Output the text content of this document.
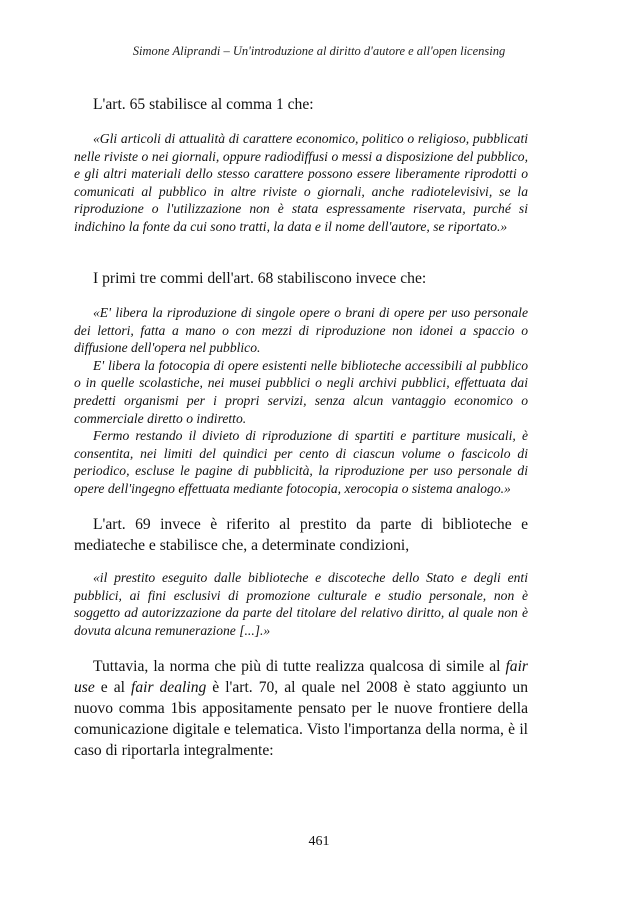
Simone Aliprandi – Un'introduzione al diritto d'autore e all'open licensing

L'art. 65 stabilisce al comma 1 che:

«Gli articoli di attualità di carattere economico, politico o religioso, pubblicati nelle riviste o nei giornali, oppure radiodiffusi o messi a disposizione del pubblico, e gli altri materiali dello stesso carattere possono essere liberamente riprodotti o comunicati al pubblico in altre riviste o giornali, anche radiotelevisivi, se la riproduzione o l'utilizzazione non è stata espressamente riservata, purché si indichino la fonte da cui sono tratti, la data e il nome dell'autore, se riportato.»

I primi tre commi dell'art. 68 stabiliscono invece che:

«E' libera la riproduzione di singole opere o brani di opere per uso personale dei lettori, fatta a mano o con mezzi di riproduzione non idonei a spaccio o diffusione dell'opera nel pubblico.

E' libera la fotocopia di opere esistenti nelle biblioteche accessibili al pubblico o in quelle scolastiche, nei musei pubblici o negli archivi pubblici, effettuata dai predetti organismi per i propri servizi, senza alcun vantaggio economico o commerciale diretto o indiretto.

Fermo restando il divieto di riproduzione di spartiti e partiture musicali, è consentita, nei limiti del quindici per cento di ciascun volume o fascicolo di periodico, escluse le pagine di pubblicità, la riproduzione per uso personale di opere dell'ingegno effettuata mediante fotocopia, xerocopia o sistema analogo.»

L'art. 69 invece è riferito al prestito da parte di biblioteche e mediateche e stabilisce che, a determinate condizioni,

«il prestito eseguito dalle biblioteche e discoteche dello Stato e degli enti pubblici, ai fini esclusivi di promozione culturale e studio personale, non è soggetto ad autorizzazione da parte del titolare del relativo diritto, al quale non è dovuta alcuna remunerazione [...].»

Tuttavia, la norma che più di tutte realizza qualcosa di simile al fair use e al fair dealing è l'art. 70, al quale nel 2008 è stato aggiunto un nuovo comma 1bis appositamente pensato per le nuove frontiere della comunicazione digitale e telematica. Visto l'importanza della norma, è il caso di riportarla integralmente:

461
